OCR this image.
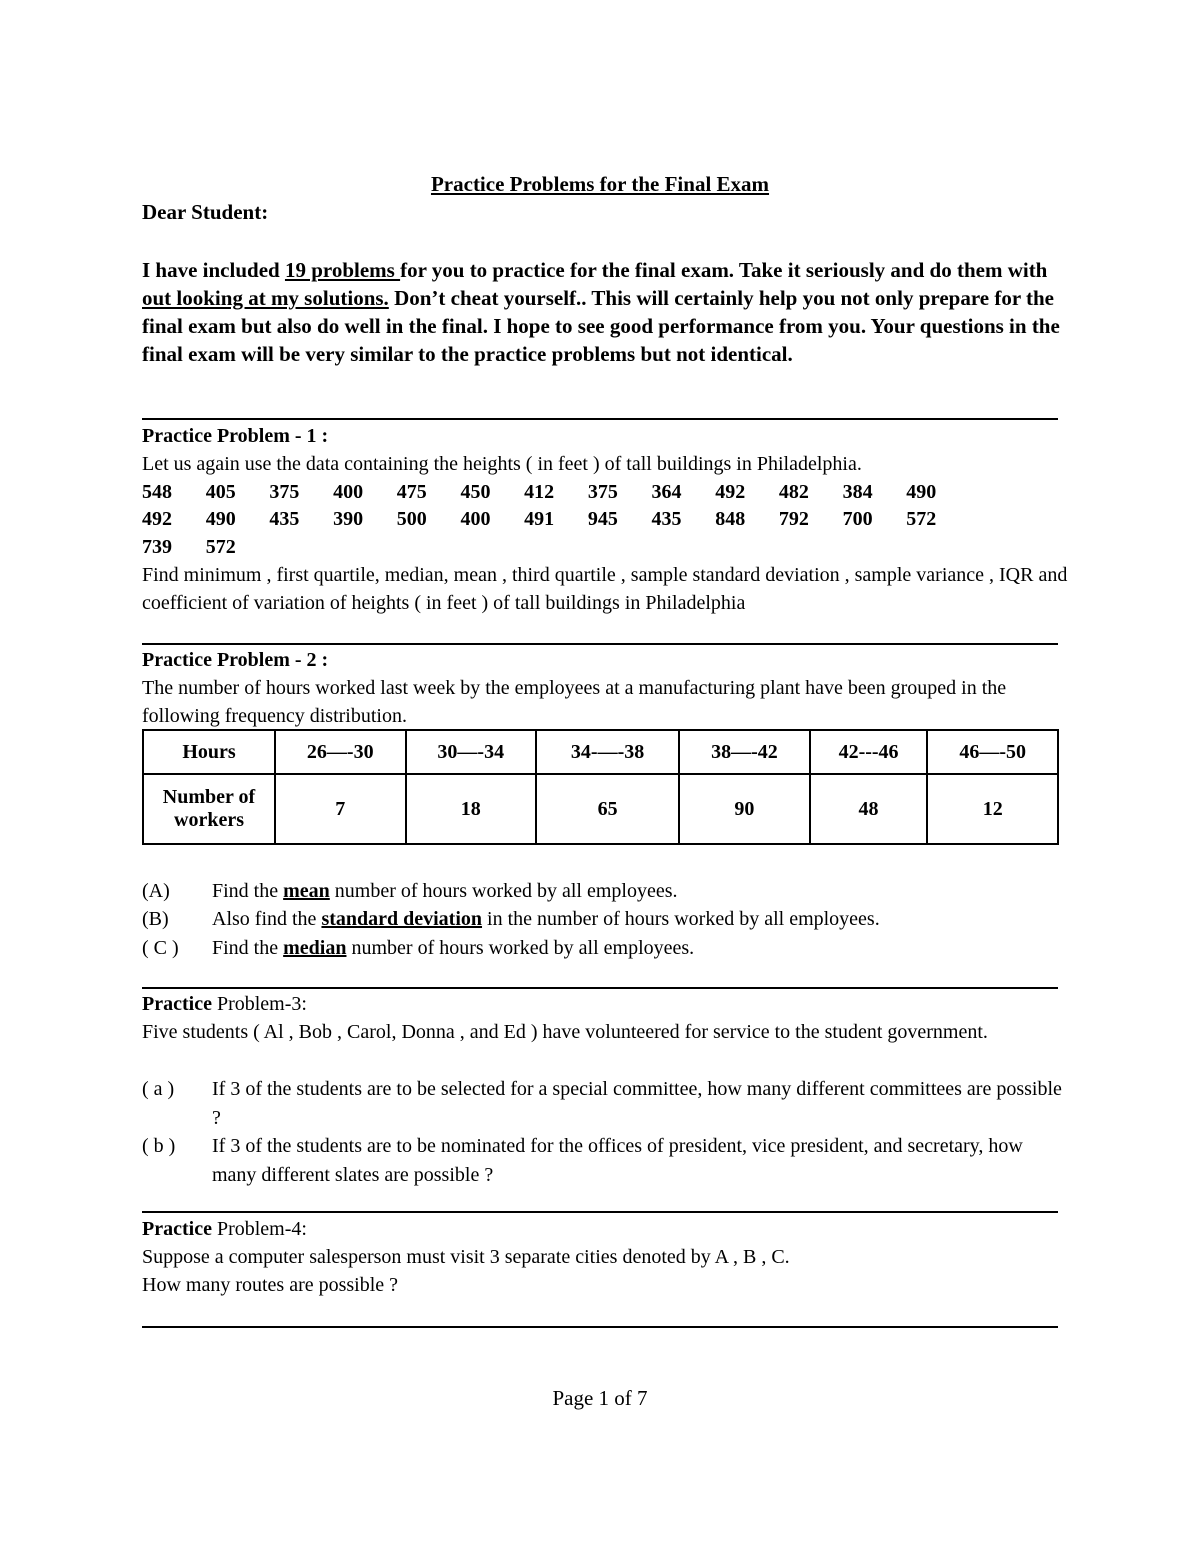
Practice Problems for the Final Exam
Dear Student:
I have included 19 problems for you to practice for the final exam. Take it seriously and do them with out looking at my solutions. Don’t cheat yourself.. This will certainly help you not only prepare for the final exam but also do well in the final. I hope to see good performance from you. Your questions in the final exam will be very similar to the practice problems but not identical.
Practice Problem - 1 :
Let us again use the data containing the heights ( in feet ) of tall buildings in Philadelphia.
548 405 375 400 475 450 412 375 364 492 482 384 490
492 490 435 390 500 400 491 945 435 848 792 700 572
739 572
Find minimum , first quartile, median, mean , third quartile , sample standard deviation , sample variance , IQR and coefficient of variation of heights ( in feet ) of tall buildings in Philadelphia
Practice Problem - 2 :
The number of hours worked last week by the employees at a manufacturing plant have been grouped in the following frequency distribution.
Hours	26—-30	30—-34	34-—-38	38—-42	42---46	46—-50

Number of
workers	7	18	65	90	48	12
(A) Find the mean number of hours worked by all employees.
(B) Also find the standard deviation in the number of hours worked by all employees.
( C ) Find the median number of hours worked by all employees.
Practice Problem-3:
Five students ( Al , Bob , Carol, Donna , and Ed ) have volunteered for service to the student government.
( a ) If 3 of the students are to be selected for a special committee, how many different committees are possible ?
( b ) If 3 of the students are to be nominated for the offices of president, vice president, and secretary, how many different slates are possible ?
Practice Problem-4:
Suppose a computer salesperson must visit 3 separate cities denoted by A , B , C.
How many routes are possible ?
Page 1 of 7
